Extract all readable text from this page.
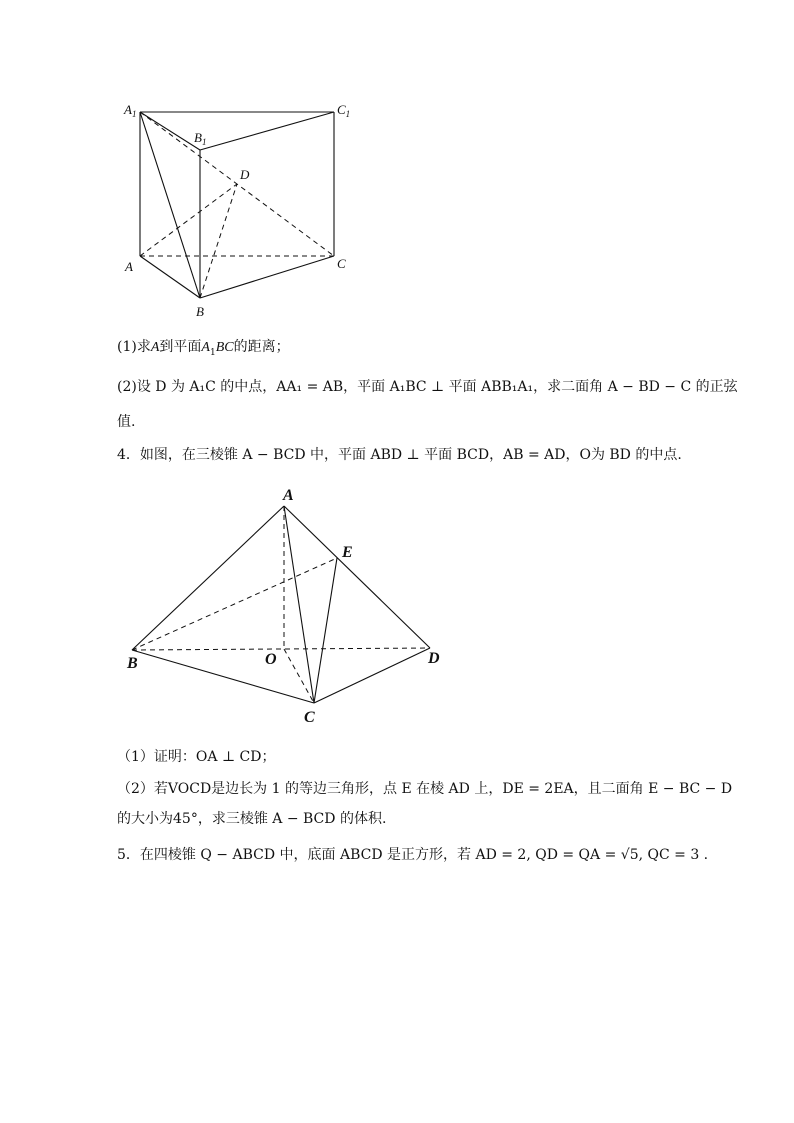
$A_1$
$B_1$
$C_1$
D
A
B
C
(1)求A到平面$A_1BC$的距离；
(2)设 D 为 A₁C 的中点，AA₁ = AB，平面 A₁BC ⊥ 平面 ABB₁A₁，求二面角 A − BD − C 的正弦
值.
4．如图，在三棱锥 A − BCD 中，平面 ABD ⊥ 平面 BCD，AB = AD，O为 BD 的中点.
A
E
B	O	D
C
（1）证明：OA ⊥ CD；
（2）若VOCD是边长为 1 的等边三角形，点 E 在棱 AD 上，DE = 2EA，且二面角 E − BC − D
的大小为45°，求三棱锥 A − BCD 的体积.
5．在四棱锥 Q − ABCD 中，底面 ABCD 是正方形，若 AD = 2, QD = QA = √5, QC = 3 .
